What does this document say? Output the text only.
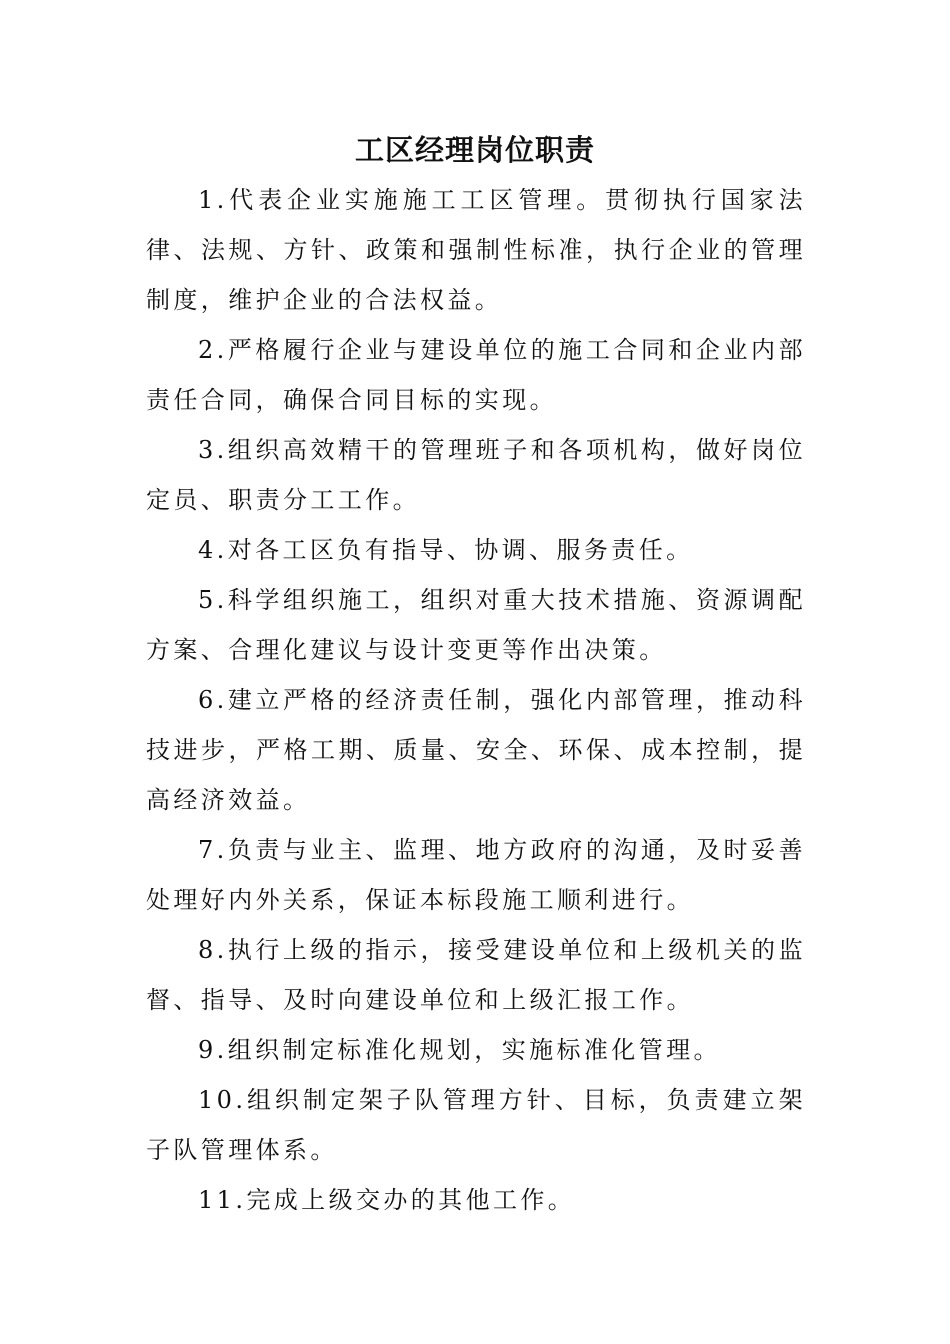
工区经理岗位职责

1.代表企业实施施工工区管理。贯彻执行国家法律、法规、方针、政策和强制性标准，执行企业的管理制度，维护企业的合法权益。

2.严格履行企业与建设单位的施工合同和企业内部责任合同，确保合同目标的实现。

3.组织高效精干的管理班子和各项机构，做好岗位定员、职责分工工作。

4.对各工区负有指导、协调、服务责任。

5.科学组织施工，组织对重大技术措施、资源调配方案、合理化建议与设计变更等作出决策。

6.建立严格的经济责任制，强化内部管理，推动科技进步，严格工期、质量、安全、环保、成本控制，提高经济效益。

7.负责与业主、监理、地方政府的沟通，及时妥善处理好内外关系，保证本标段施工顺利进行。

8.执行上级的指示，接受建设单位和上级机关的监督、指导、及时向建设单位和上级汇报工作。

9.组织制定标准化规划，实施标准化管理。

10.组织制定架子队管理方针、目标，负责建立架子队管理体系。

11.完成上级交办的其他工作。
